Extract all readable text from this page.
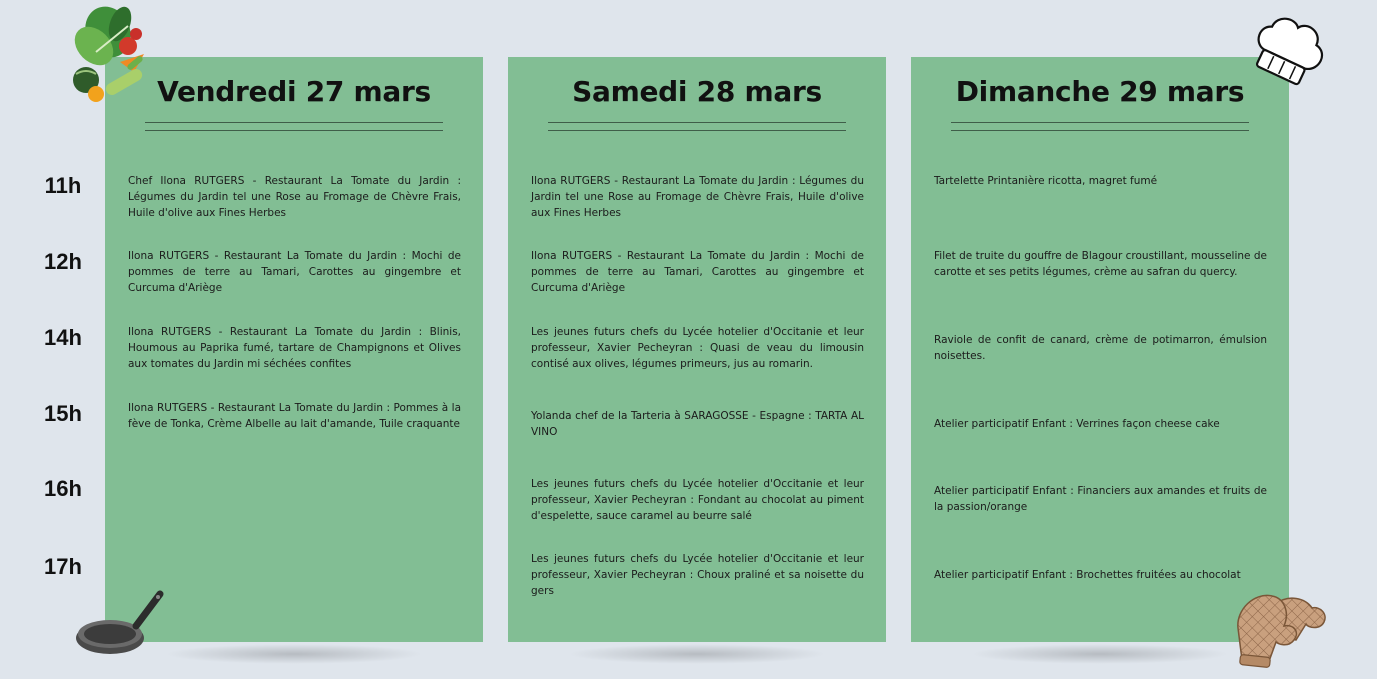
11h
12h
14h
15h
16h
17h
Vendredi 27 mars

Chef Ilona RUTGERS - Restaurant La Tomate du Jardin : Légumes du Jardin tel une Rose au Fromage de Chèvre Frais, Huile d'olive aux Fines Herbes

Ilona RUTGERS - Restaurant La Tomate du Jardin : Mochi de pommes de terre au Tamari, Carottes au gingembre et Curcuma d'Ariège

Ilona RUTGERS - Restaurant La Tomate du Jardin : Blinis, Houmous au Paprika fumé, tartare de Champignons et Olives aux tomates du Jardin mi séchées confites

Ilona RUTGERS - Restaurant La Tomate du Jardin : Pommes à la fève de Tonka, Crème Albelle au lait d'amande, Tuile craquante

Samedi 28 mars

Ilona RUTGERS - Restaurant La Tomate du Jardin : Légumes du Jardin tel une Rose au Fromage de Chèvre Frais, Huile d'olive aux Fines Herbes

Ilona RUTGERS - Restaurant La Tomate du Jardin : Mochi de pommes de terre au Tamari, Carottes au gingembre et Curcuma d'Ariège

Les jeunes futurs chefs du Lycée hotelier d'Occitanie et leur professeur, Xavier Pecheyran : Quasi de veau du limousin contisé aux olives, légumes primeurs, jus au romarin.

Yolanda chef de la Tarteria à SARAGOSSE - Espagne : TARTA AL VINO

Les jeunes futurs chefs du Lycée hotelier d'Occitanie et leur professeur, Xavier Pecheyran : Fondant au chocolat au piment d'espelette, sauce caramel au beurre salé

Les jeunes futurs chefs du Lycée hotelier d'Occitanie et leur professeur, Xavier Pecheyran : Choux praliné et sa noisette du gers

Dimanche 29 mars

Tartelette Printanière ricotta, magret fumé

Filet de truite du gouffre de Blagour croustillant, mousseline de carotte et ses petits légumes, crème au safran du quercy.

Raviole de confit de canard, crème de potimarron, émulsion noisettes.

Atelier participatif Enfant : Verrines façon cheese cake

Atelier participatif Enfant : Financiers aux amandes et fruits de la passion/orange

Atelier participatif Enfant : Brochettes fruitées au chocolat
